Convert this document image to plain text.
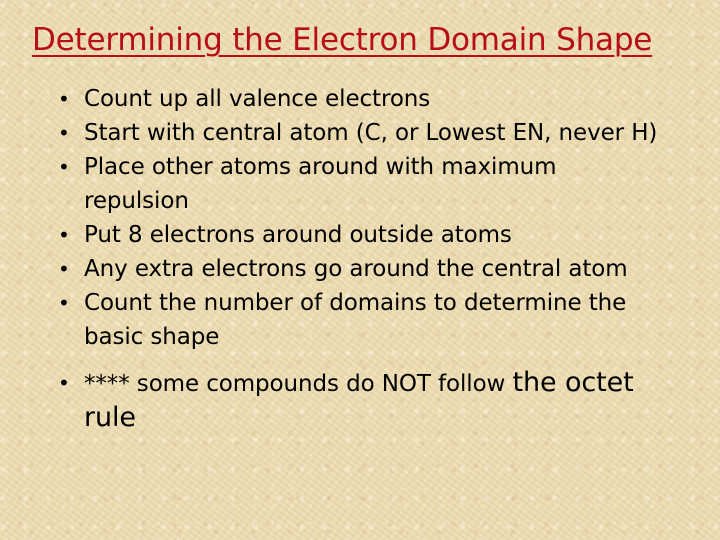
Determining the Electron Domain Shape
• Count up all valence electrons
• Start with central atom (C, or Lowest EN, never H)
• Place other atoms around with maximum repulsion
• Put 8 electrons around outside atoms
• Any extra electrons go around the central atom
• Count the number of domains to determine the basic shape
• **** some compounds do NOT follow the octet rule
